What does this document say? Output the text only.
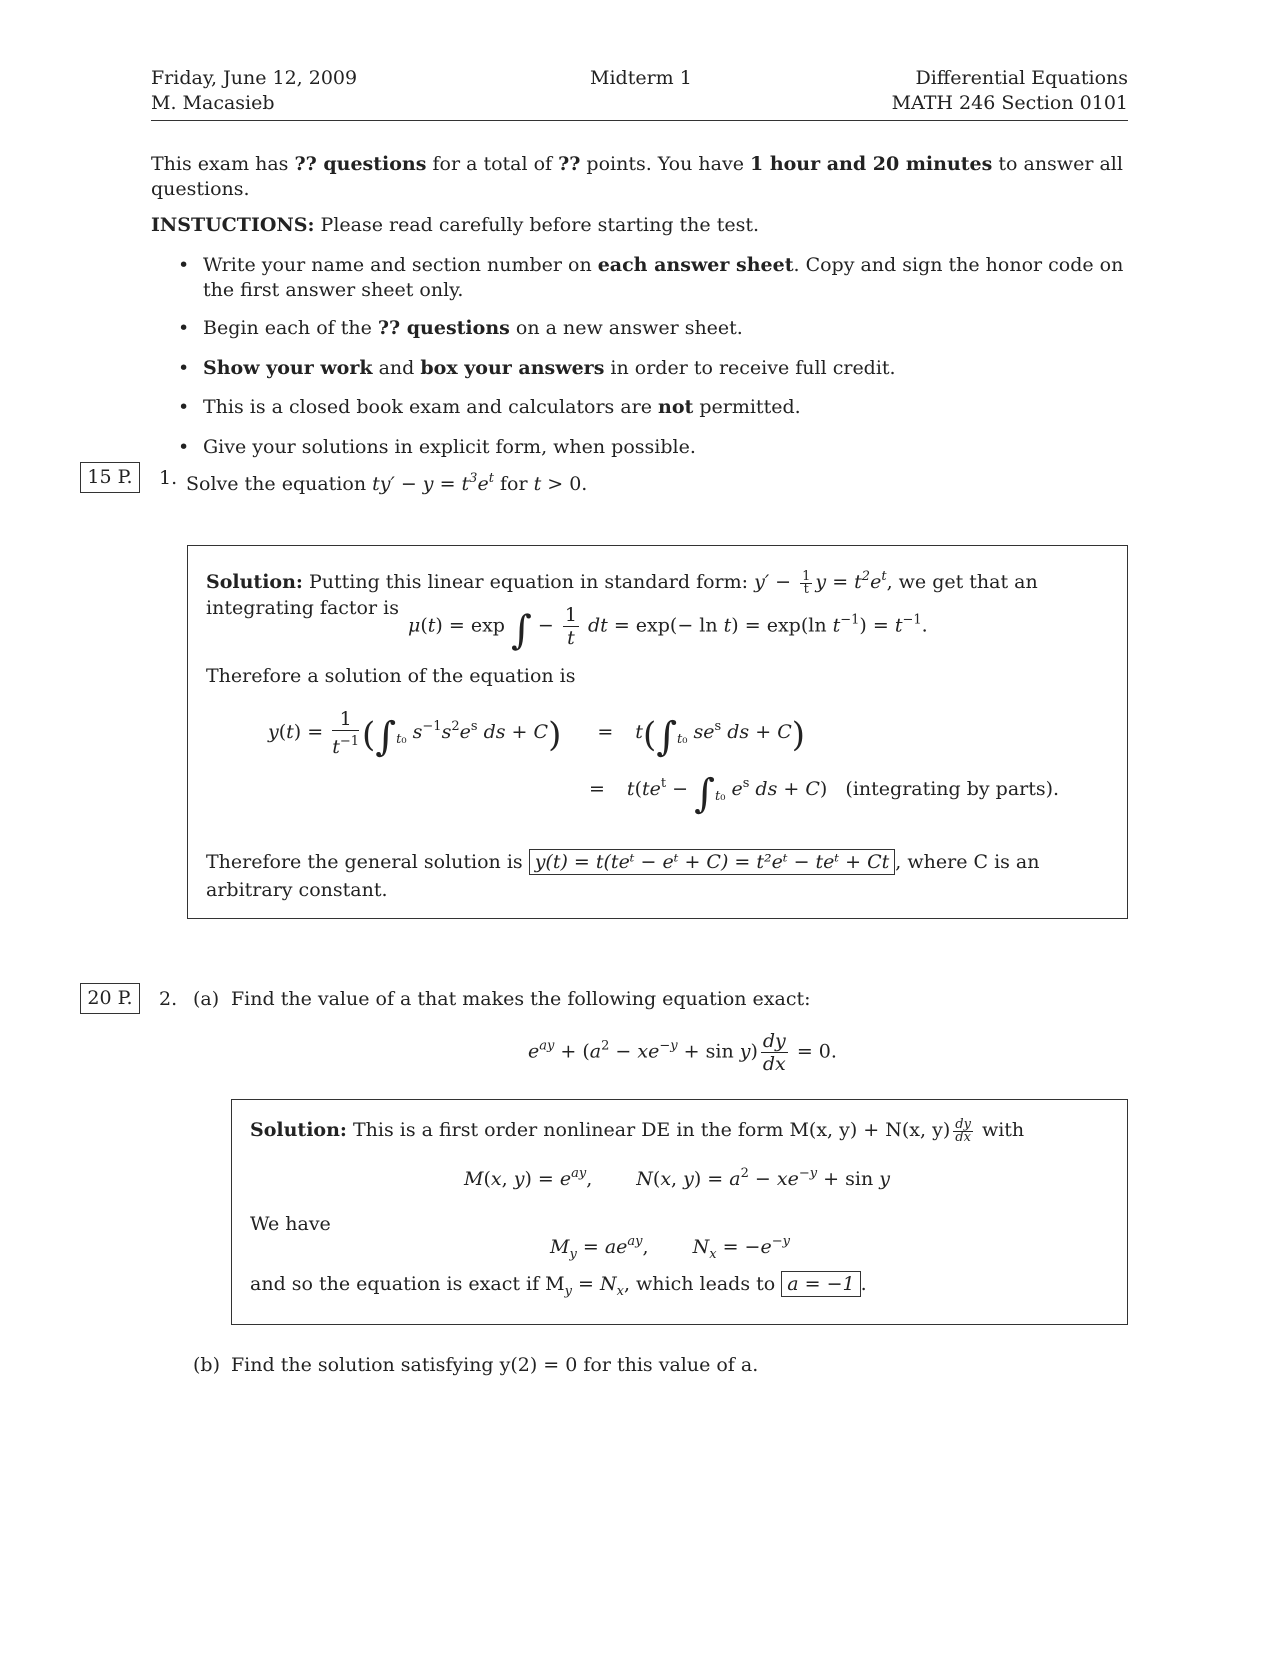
Friday, June 12, 2009
M. Macasieb
Midterm 1	Differential Equations
MATH 246 Section 0101
This exam has ?? questions for a total of ?? points. You have 1 hour and 20 minutes to answer all questions.
INSTUCTIONS: Please read carefully before starting the test.
• Write your name and section number on each answer sheet. Copy and sign the honor code on the first answer sheet only.
• Begin each of the ?? questions on a new answer sheet.
• Show your work and box your answers in order to receive full credit.
• This is a closed book exam and calculators are not permitted.
• Give your solutions in explicit form, when possible.
15 P.	1. Solve the equation $ty' - y = t^3e^t$ for t > 0.
Solution: Putting this linear equation in standard form: $y' - \frac{1}{t}$ $y = t^2e^t$, we get that an integrating factor is
μ(t) = exp ∫ − $\frac{1}{t}$ dt = exp(− ln t) = exp(ln $t^{-1}) = t^{-1}$.
Therefore a solution of the equation is
$y(t) = \frac{1}{t^{-1}} (\int_{t_0}$ $s^{-1}s^2e^s$ ds + $C) = t(\int_{t_0}$ $se^s$ ds + C)
= $t(te^t - \int_{t_0}$ $e^s$ ds + C)   (integrating by parts).
Therefore the general solution is y(t) = t(teᵗ − eᵗ + C) = t²eᵗ − teᵗ + Ct , where C is an arbitrary constant.
20 P.	2. (a) Find the value of a that makes the following equation exact:
$e^{ay} + (a^2 - xe^{-y} + \sin y) \frac{dy}{dx} = 0$.
Solution: This is a first order nonlinear DE in the form M(x, y) + N(x, $y) \frac{dy}{dx}$ with
M(x, $y) = e^{ay}$, N(x, $y) = a^2 - xe^{-y} + \sin y$
We have
$M_y = ae^{ay}$, $N_x = -e^{-y}$
and so the equation is exact if $M_y = N_x$, which leads to a = −1 .
(b) Find the solution satisfying y(2) = 0 for this value of a.
